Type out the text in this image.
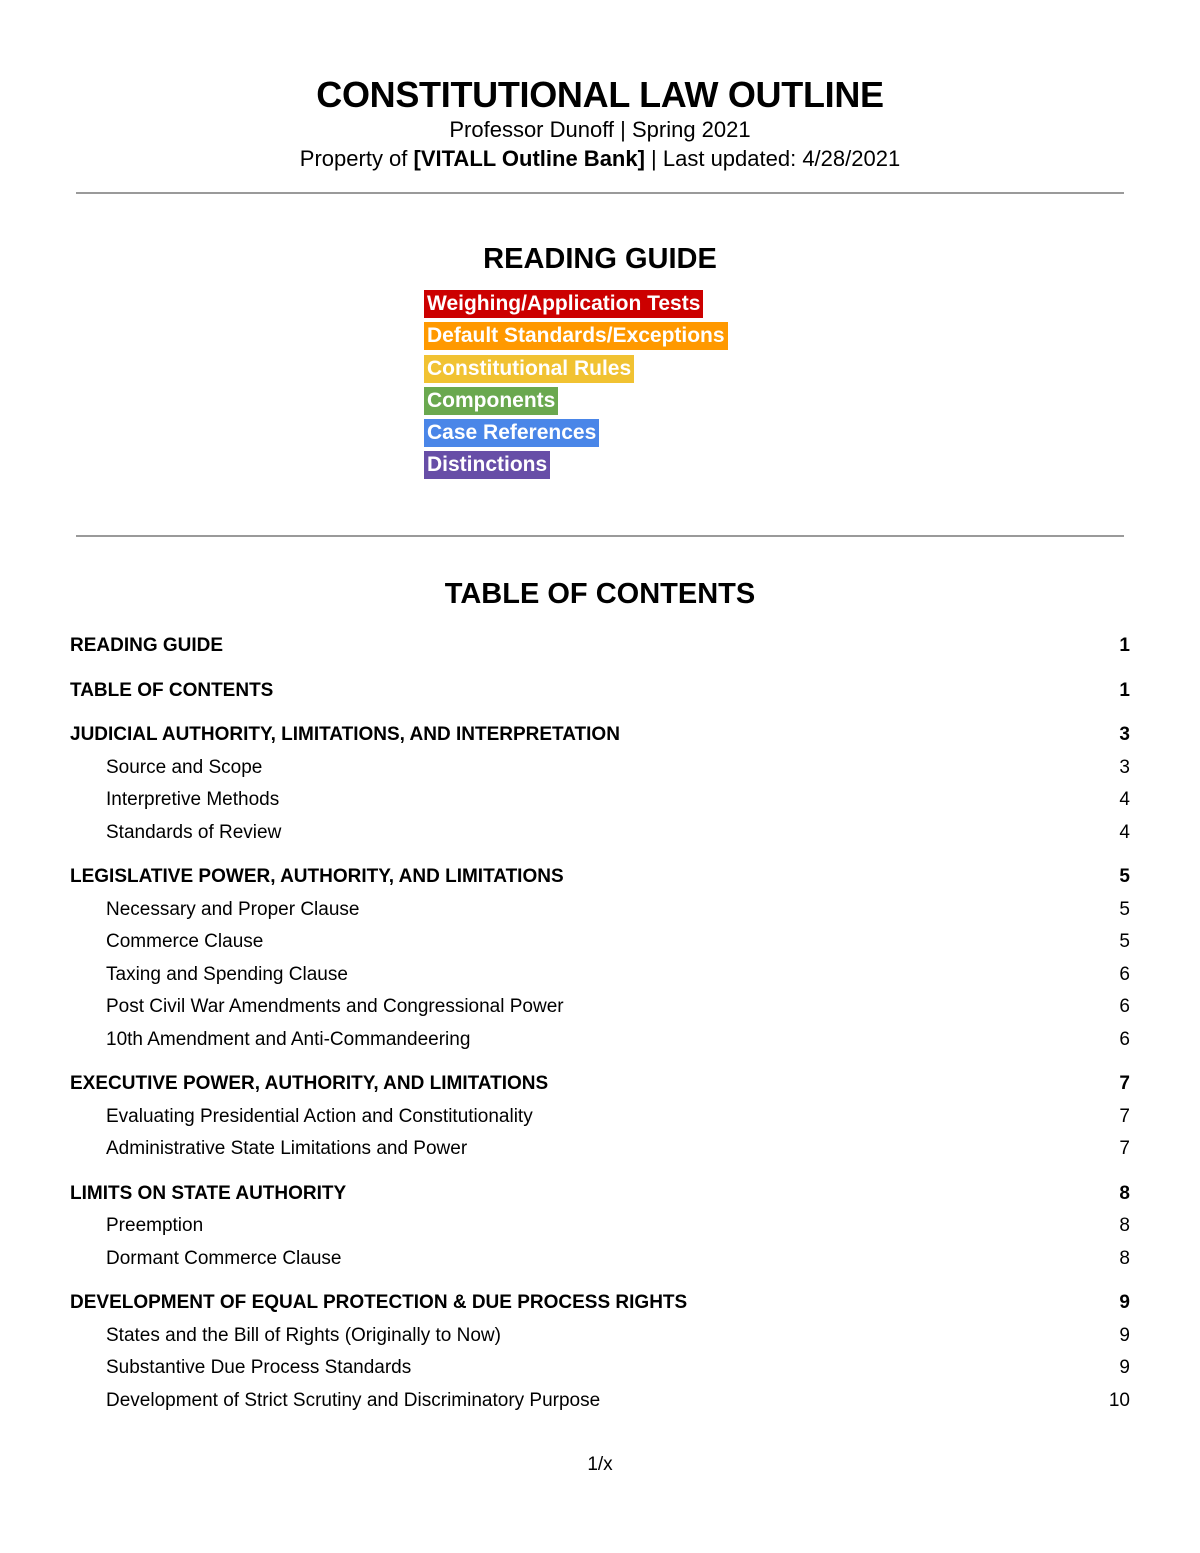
CONSTITUTIONAL LAW OUTLINE
Professor Dunoff | Spring 2021
Property of [VITALL Outline Bank] | Last updated: 4/28/2021
READING GUIDE
Weighing/Application Tests
Default Standards/Exceptions
Constitutional Rules
Components
Case References
Distinctions
TABLE OF CONTENTS
READING GUIDE	1
TABLE OF CONTENTS	1
JUDICIAL AUTHORITY, LIMITATIONS, AND INTERPRETATION	3
Source and Scope	3
Interpretive Methods	4
Standards of Review	4
LEGISLATIVE POWER, AUTHORITY, AND LIMITATIONS	5
Necessary and Proper Clause	5
Commerce Clause	5
Taxing and Spending Clause	6
Post Civil War Amendments and Congressional Power	6
10th Amendment and Anti-Commandeering	6
EXECUTIVE POWER, AUTHORITY, AND LIMITATIONS	7
Evaluating Presidential Action and Constitutionality	7
Administrative State Limitations and Power	7
LIMITS ON STATE AUTHORITY	8
Preemption	8
Dormant Commerce Clause	8
DEVELOPMENT OF EQUAL PROTECTION & DUE PROCESS RIGHTS	9
States and the Bill of Rights (Originally to Now)	9
Substantive Due Process Standards	9
Development of Strict Scrutiny and Discriminatory Purpose	10
1/x
